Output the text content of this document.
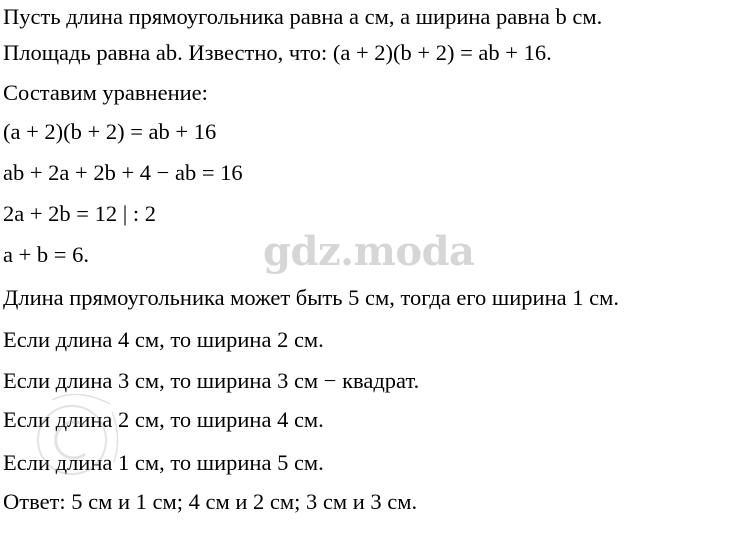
Пусть длина прямоугольника равна a см, а ширина равна b см.
Площадь равна ab. Известно, что: (a + 2)(b + 2) = ab + 16.
Составим уравнение:
(a + 2)(b + 2) = ab + 16
ab + 2a + 2b + 4 − ab = 16
2a + 2b = 12 | : 2
a + b = 6.
Длина прямоугольника может быть 5 см, тогда его ширина 1 см.
Если длина 4 см, то ширина 2 см.
Если длина 3 см, то ширина 3 см − квадрат.
Если длина 2 см, то ширина 4 см.
Если длина 1 см, то ширина 5 см.
Ответ: 5 см и 1 см; 4 см и 2 см; 3 см и 3 см.
gdz.moda
